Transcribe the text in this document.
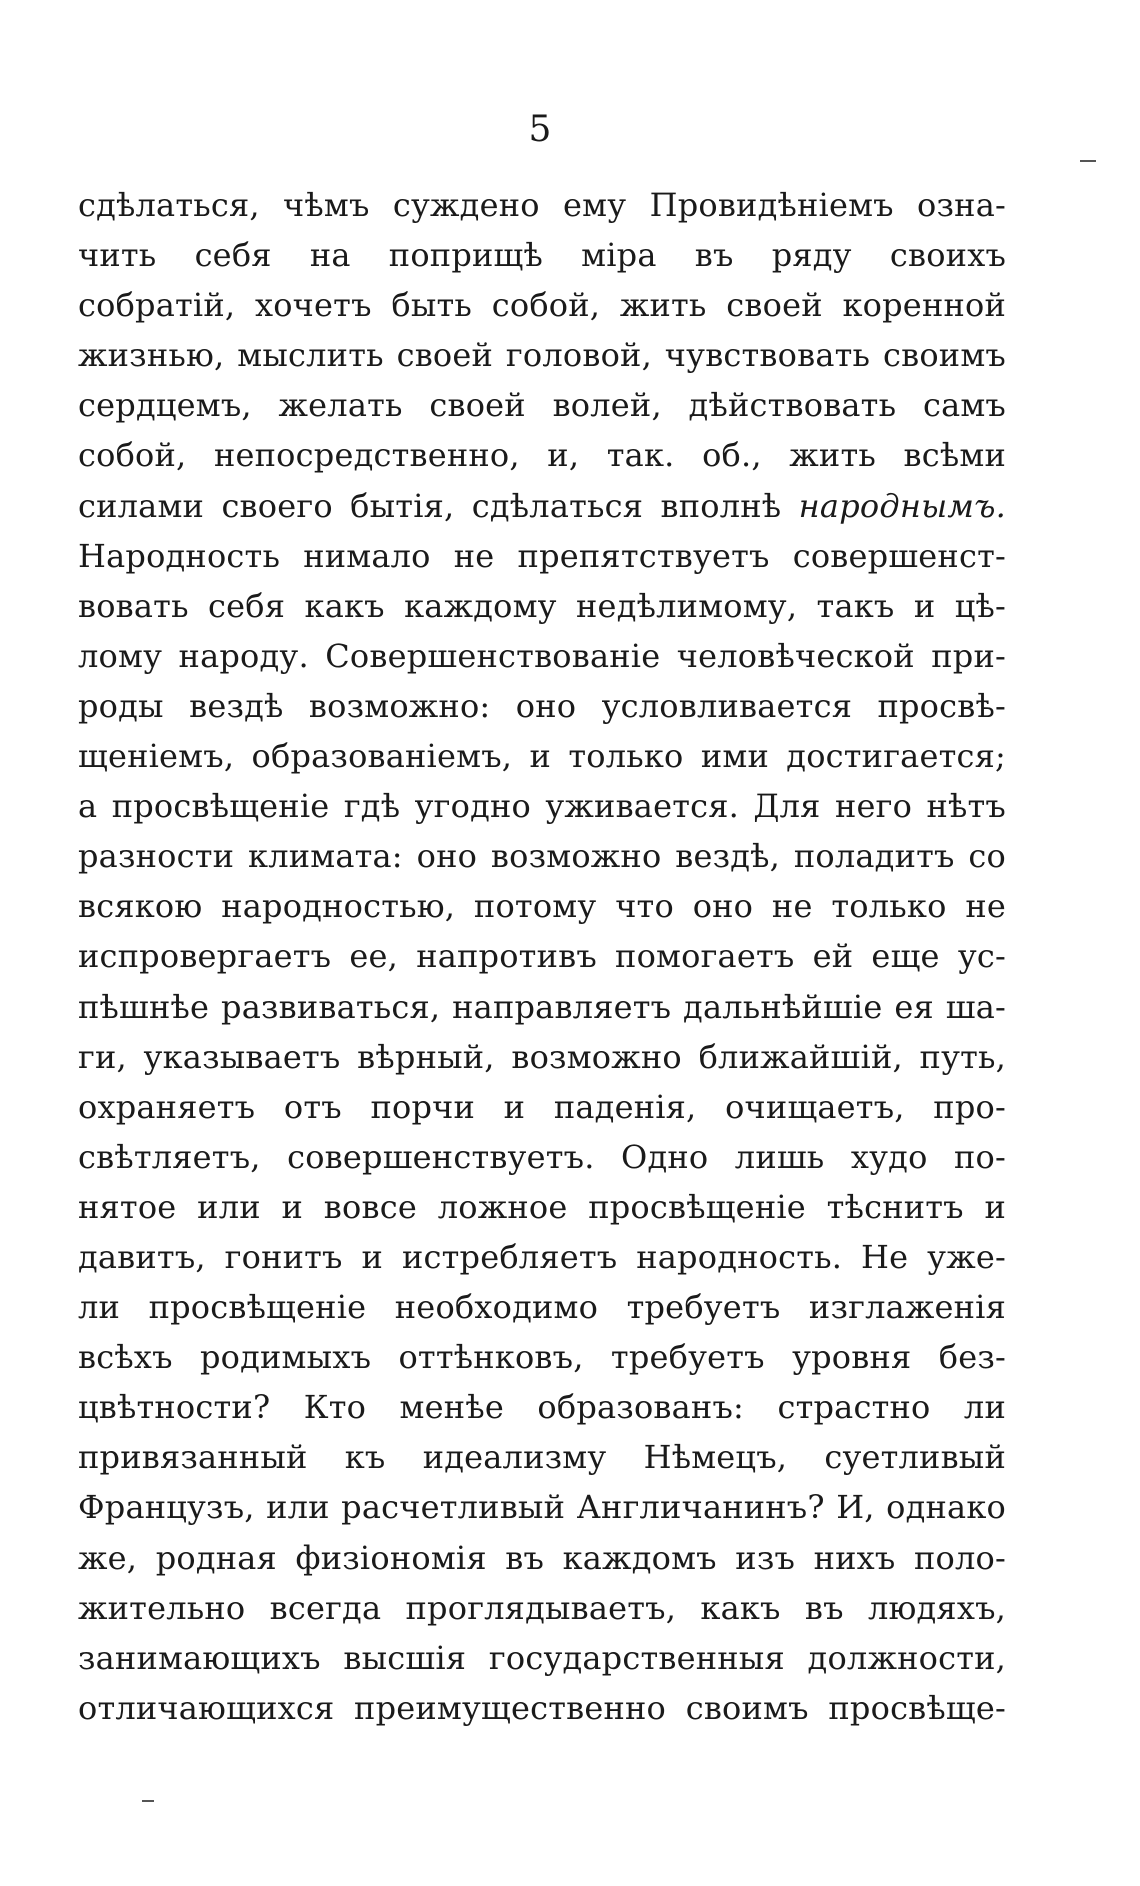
5
сдѣлаться, чѣмъ суждено ему Провидѣніемъ озна-
чить себя на поприщѣ міра въ ряду своихъ
собратій, хочетъ быть собой, жить своей коренной
жизнью, мыслить своей головой, чувствовать своимъ
сердцемъ, желать своей волей, дѣйствовать самъ
собой, непосредственно, и, так. об., жить всѣми
силами своего бытія, сдѣлаться вполнѣ народнымъ.
Народность нимало не препятствуетъ совершенст-
вовать себя какъ каждому недѣлимому, такъ и цѣ-
лому народу. Совершенствованіе человѣческой при-
роды вездѣ возможно: оно условливается просвѣ-
щеніемъ, образованіемъ, и только ими достигается;
а просвѣщеніе гдѣ угодно уживается. Для него нѣтъ
разности климата: оно возможно вездѣ, поладитъ со
всякою народностью, потому что оно не только не
испровергаетъ ее, напротивъ помогаетъ ей еще ус-
пѣшнѣе развиваться, направляетъ дальнѣйшіе ея ша-
ги, указываетъ вѣрный, возможно ближайшій, путь,
охраняетъ отъ порчи и паденія, очищаетъ, про-
свѣтляетъ, совершенствуетъ. Одно лишь худо по-
нятое или и вовсе ложное просвѣщеніе тѣснитъ и
давитъ, гонитъ и истребляетъ народность. Не уже-
ли просвѣщеніе необходимо требуетъ изглаженія
всѣхъ родимыхъ оттѣнковъ, требуетъ уровня без-
цвѣтности? Кто менѣе образованъ: страстно ли
привязанный къ идеализму Нѣмецъ, суетливый
Французъ, или расчетливый Англичанинъ? И, однако
же, родная физіономія въ каждомъ изъ нихъ поло-
жительно всегда проглядываетъ, какъ въ людяхъ,
занимающихъ высшія государственныя должности,
отличающихся преимущественно своимъ просвѣще-
